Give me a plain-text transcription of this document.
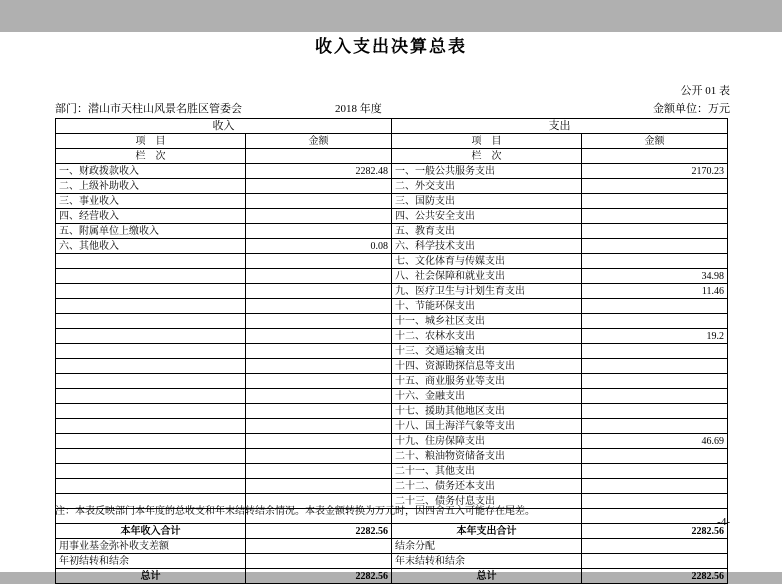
收入支出决算总表
公开 01 表
部门：潜山市天柱山风景名胜区管委会	2018 年度	金额单位：万元
收入		支出	
项　目	金额	项　目	金额
栏　次		栏　次	
一、财政拨款收入	2282.48	一、一般公共服务支出	2170.23
二、上级补助收入		二、外交支出	
三、事业收入		三、国防支出	
四、经营收入		四、公共安全支出	
五、附属单位上缴收入		五、教育支出	
六、其他收入	0.08	六、科学技术支出	
		七、文化体育与传媒支出	
		八、社会保障和就业支出	34.98
		九、医疗卫生与计划生育支出	11.46
		十、节能环保支出	
		十一、城乡社区支出	
		十二、农林水支出	19.2
		十三、交通运输支出	
		十四、资源勘探信息等支出	
		十五、商业服务业等支出	
		十六、金融支出	
		十七、援助其他地区支出	
		十八、国土海洋气象等支出	
		十九、住房保障支出	46.69
		二十、粮油物资储备支出	
		二十一、其他支出	
		二十二、债务还本支出	
		二十三、债务付息支出	

本年收入合计	2282.56	本年支出合计	2282.56
用事业基金弥补收支差额		结余分配	
年初结转和结余		年末结转和结余	
总计	2282.56	总计	2282.56
注：本表反映部门本年度的总收支和年末结转结余情况。本表金额转换为万元时，因四舍五入可能存在尾差。
-4-
